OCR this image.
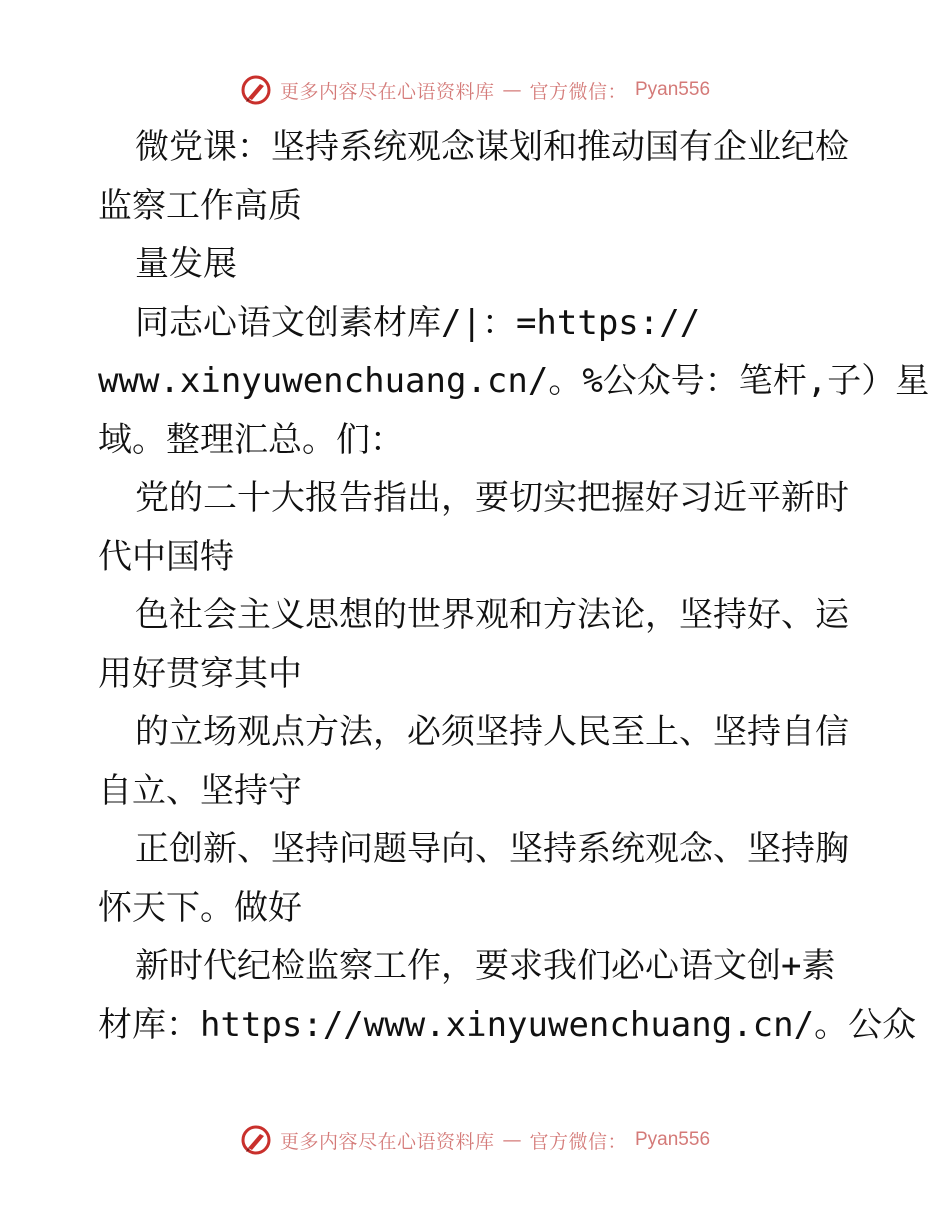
更多内容尽在心语资料库 — 官方微信： Pyan556
微党课：坚持系统观念谋划和推动国有企业纪检
监察工作高质
量发展
同志心语文创素材库/|：=https://
www.xinyuwenchuang.cn/。%公众号：笔杆,子）星
域。整理汇总。们：
党的二十大报告指出，要切实把握好习近平新时
代中国特
色社会主义思想的世界观和方法论，坚持好、运
用好贯穿其中
的立场观点方法，必须坚持人民至上、坚持自信
自立、坚持守
正创新、坚持问题导向、坚持系统观念、坚持胸
怀天下。做好
新时代纪检监察工作，要求我们必心语文创+素
材库：https://www.xinyuwenchuang.cn/。公众
更多内容尽在心语资料库 — 官方微信： Pyan556
